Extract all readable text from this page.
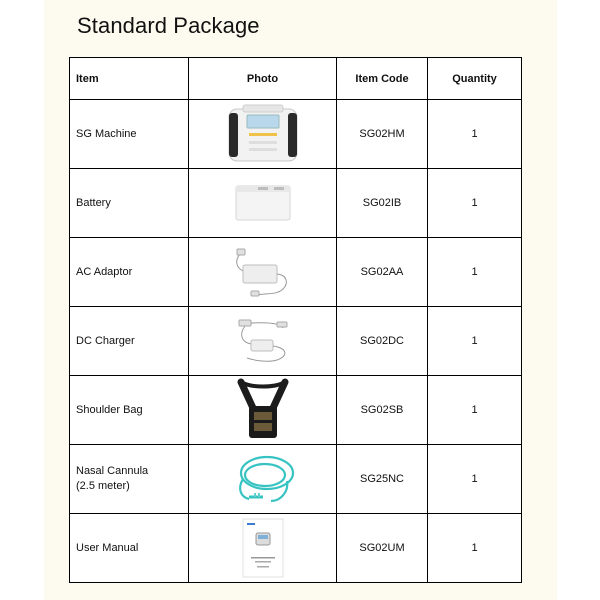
Standard Package
Item	Photo	Item Code	Quantity
SG Machine		SG02HM	1
Battery		SG02IB	1
AC Adaptor		SG02AA	1
DC Charger		SG02DC	1
Shoulder Bag		SG02SB	1
Nasal Cannula
(2.5 meter)		SG25NC	1
User Manual		SG02UM	1
